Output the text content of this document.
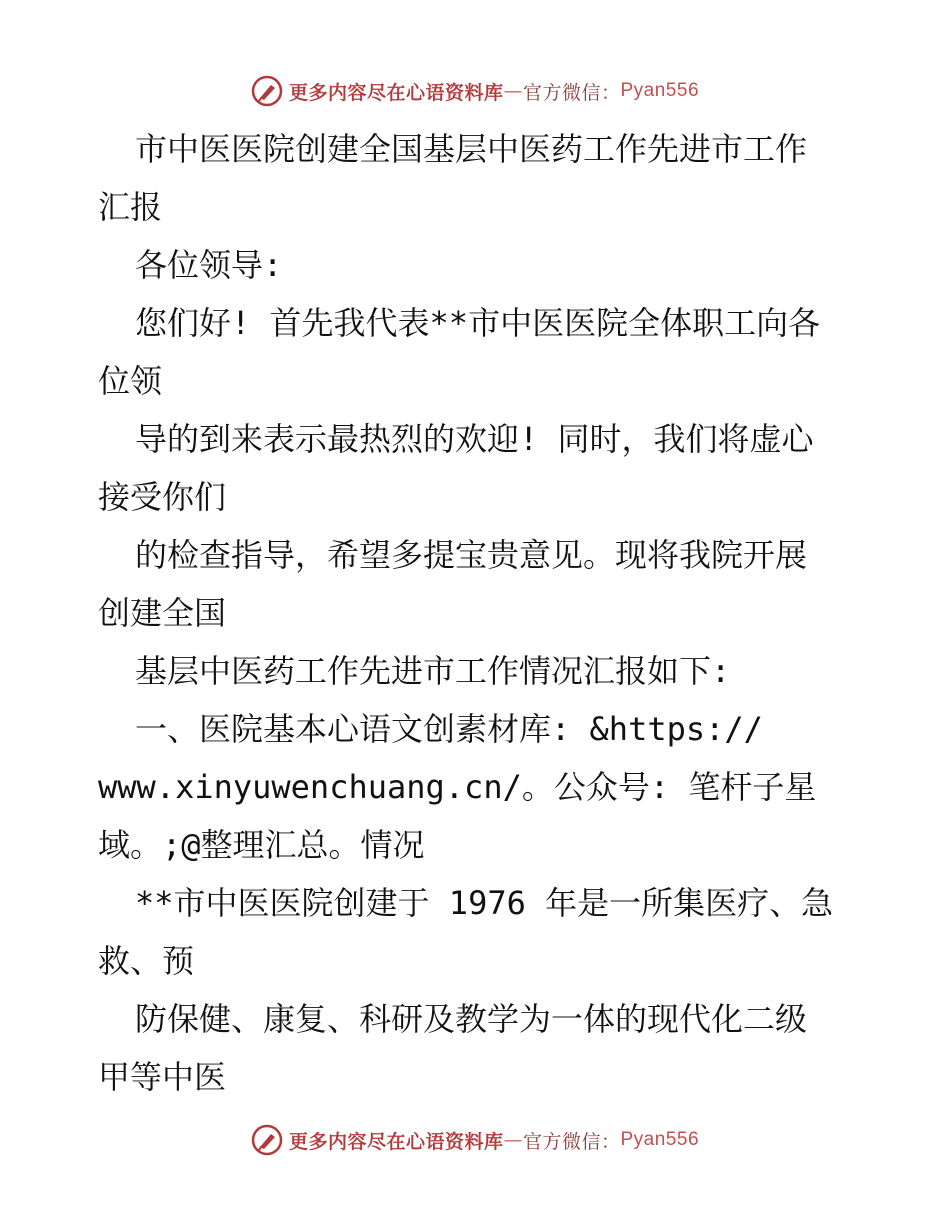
更多内容尽在心语资料库 — 官方微信： Pyan556
市中医医院创建全国基层中医药工作先进市工作
汇报
各位领导:
您们好! 首先我代表**市中医医院全体职工向各
位领
导的到来表示最热烈的欢迎! 同时，我们将虚心
接受你们
的检查指导，希望多提宝贵意见。现将我院开展
创建全国
基层中医药工作先进市工作情况汇报如下:
一、医院基本心语文创素材库: &https://
www.xinyuwenchuang.cn/。公众号: 笔杆子星
域。;@整理汇总。情况
**市中医医院创建于 1976 年是一所集医疗、急
救、预
防保健、康复、科研及教学为一体的现代化二级
甲等中医
更多内容尽在心语资料库 — 官方微信： Pyan556
